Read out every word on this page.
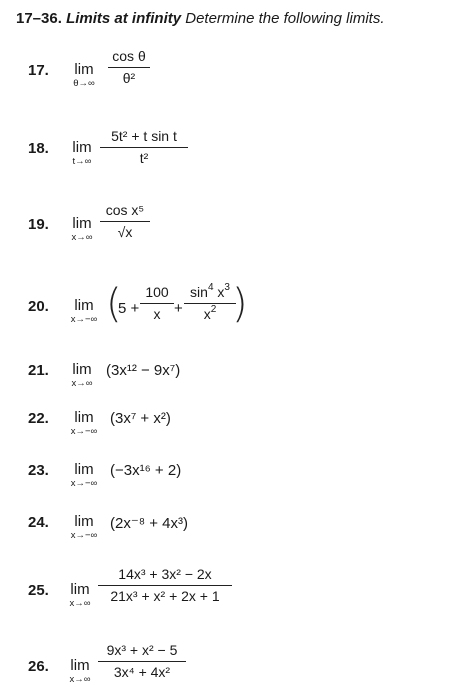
17–36. Limits at infinity Determine the following limits.
17.	lim
θ→∞
cos θ
θ²
18.	lim
t→∞
5t² + t sin t
t²
19.	lim
x→∞
cos x⁵
√x
20.	lim
x→−∞ (
5 +
100
x +
$\sin^4 x^3$
$x^2$ )
21.	lim
x→∞
(3x¹² − 9x⁷)
22.	lim
x→−∞
(3x⁷ + x²)
23.	lim
x→−∞
(−3x¹⁶ + 2)
24.	lim
x→−∞
(2x⁻⁸ + 4x³)
25.	lim
x→∞
14x³ + 3x² − 2x
21x³ + x² + 2x + 1
26.	lim
x→∞
9x³ + x² − 5
3x⁴ + 4x²
